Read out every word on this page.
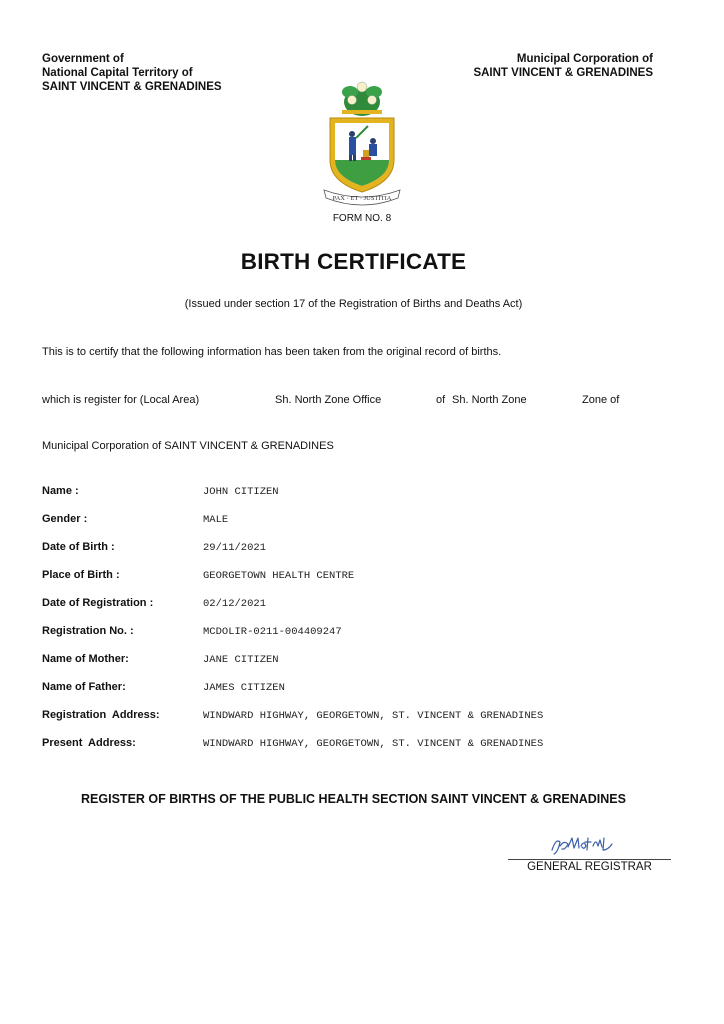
Government of
National Capital Territory of
SAINT VINCENT & GRENADINES
Municipal Corporation of
SAINT VINCENT & GRENADINES
PAX · ET · JUSTITIA
FORM NO. 8
BIRTH CERTIFICATE
(Issued under section 17 of the Registration of Births and Deaths Act)
This is to certify that the following information has been taken from the original record of births.
which is register for (Local Area)	Sh. North Zone Office	of Sh. North Zone	Zone of
Municipal Corporation of SAINT VINCENT & GRENADINES
Name :	JOHN CITIZEN
Gender :	MALE
Date of Birth :	29/11/2021
Place of Birth :	GEORGETOWN HEALTH CENTRE
Date of Registration :	02/12/2021
Registration No. :	MCDOLIR-0211-004409247
Name of Mother:	JANE CITIZEN
Name of Father:	JAMES CITIZEN
Registration  Address:	WINDWARD HIGHWAY, GEORGETOWN, ST. VINCENT & GRENADINES
Present  Address:	WINDWARD HIGHWAY, GEORGETOWN, ST. VINCENT & GRENADINES
REGISTER OF BIRTHS OF THE PUBLIC HEALTH SECTION SAINT VINCENT & GRENADINES
GENERAL REGISTRAR
